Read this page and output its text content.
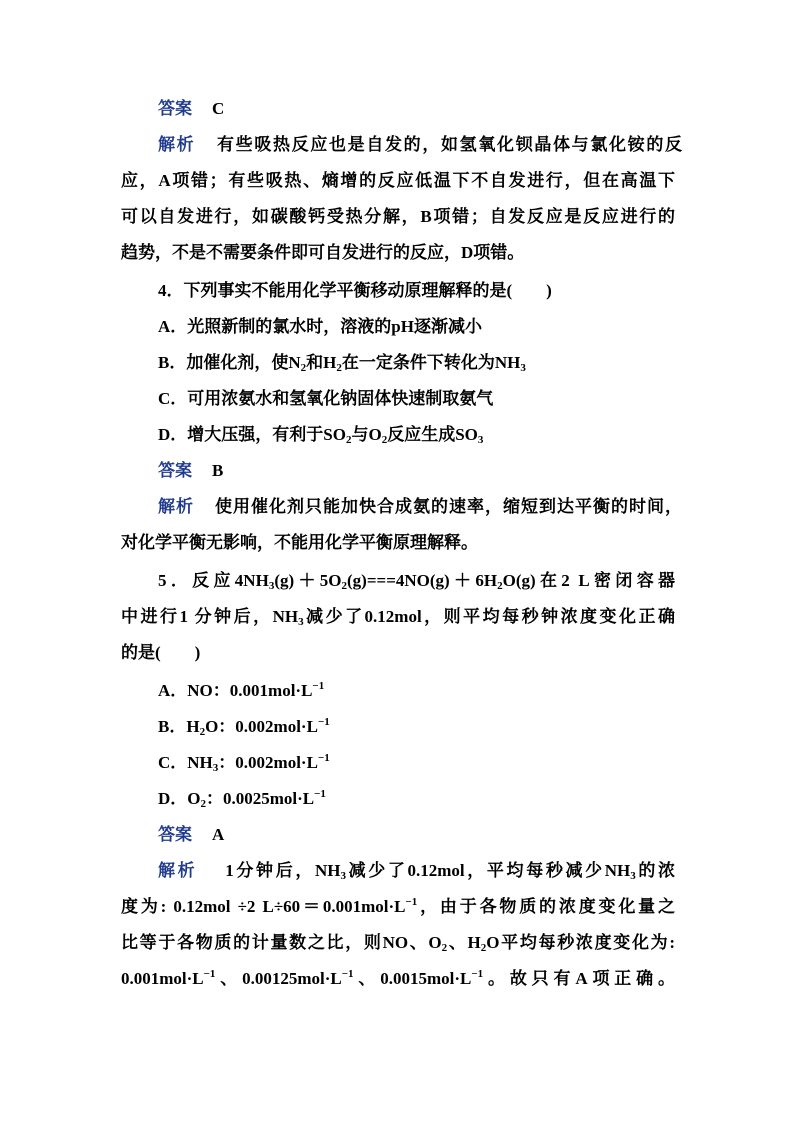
答案 C
解析 有些吸热反应也是自发的，如氢氧化钡晶体与氯化铵的反
应，A项错；有些吸热、熵增的反应低温下不自发进行，但在高温下
可以自发进行，如碳酸钙受热分解，B项错；自发反应是反应进行的
趋势，不是不需要条件即可自发进行的反应，D项错。
4．下列事实不能用化学平衡移动原理解释的是( )
A．光照新制的氯水时，溶液的pH逐渐减小
B．加催化剂，使$N_2$和$H_2$在一定条件下转化为$NH_3$
C．可用浓氨水和氢氧化钠固体快速制取氨气
D．增大压强，有利于$SO_2$与$O_2$反应生成$SO_3$
答案 B
解析 使用催化剂只能加快合成氨的速率，缩短到达平衡的时间，
对化学平衡无影响，不能用化学平衡原理解释。
5．反应$4NH_3(g)+5O_2(g)===4NO(g)+6H_2O(g)$在2 L密闭容器
中进行1 分钟后，$NH_3$减少了0.12mol，则平均每秒钟浓度变化正确
的是( )
A．NO：$0.001mol\cdot L^{-1}$
B．$H_2O$：$0.002mol\cdot L^{-1}$
C．$NH_3$：$0.002mol\cdot L^{-1}$
D．$O_2$：$0.0025mol\cdot L^{-1}$
答案 A
解析 1分钟后，$NH_3$减少了0.12mol，平均每秒减少$NH_3$的浓
度为: 0.12mol ÷2 $L\div 60=0.001mol\cdot L^{-1}$，由于各物质的浓度变化量之
比等于各物质的计量数之比，则NO、$O_2$、$H_2O$平均每秒浓度变化为:
$0.001mol\cdot L^{-1}$、$0.00125mol\cdot L^{-1}$、$0.0015mol\cdot L^{-1}$。故只有A项正确。
